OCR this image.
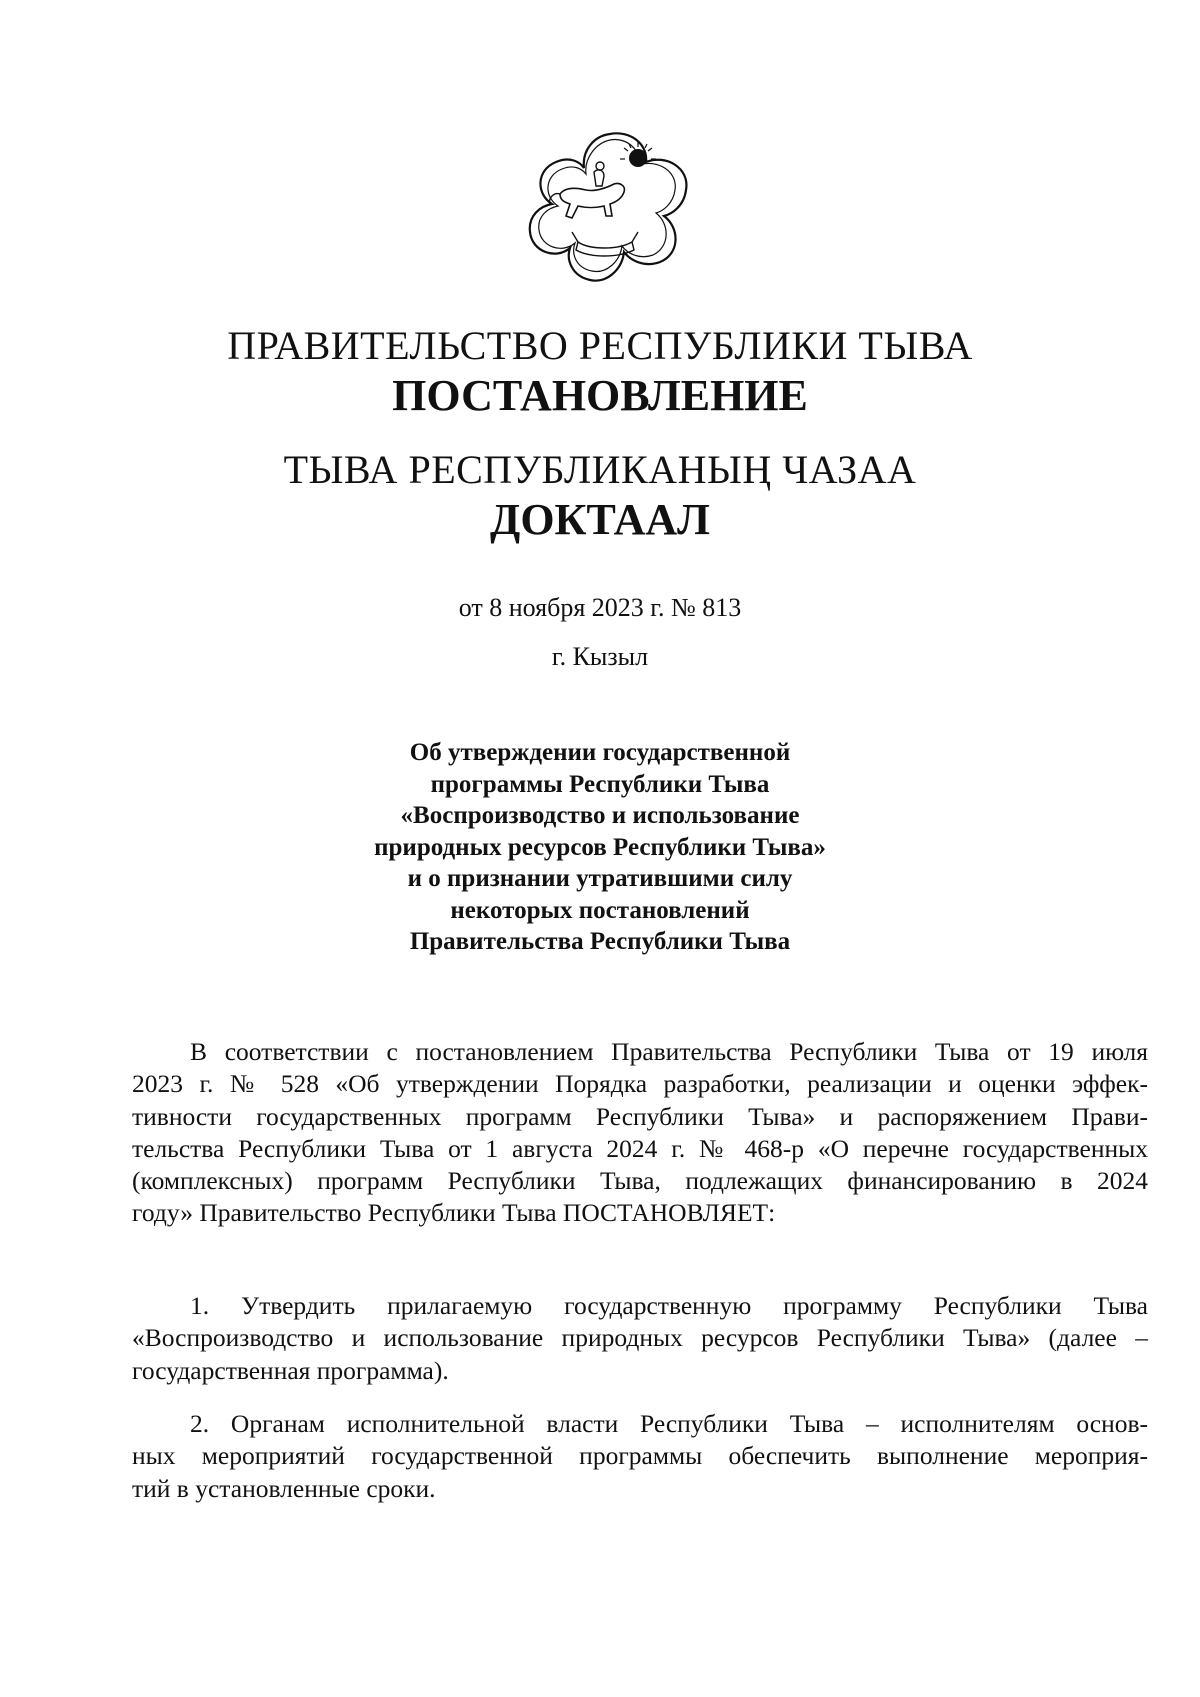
ПРАВИТЕЛЬСТВО РЕСПУБЛИКИ ТЫВА
ПОСТАНОВЛЕНИЕ
ТЫВА РЕСПУБЛИКАНЫҢ ЧАЗАА
ДОКТААЛ
от 8 ноября 2023 г. № 813
г. Кызыл
Об утверждении государственной
программы Республики Тыва
«Воспроизводство и использование
природных ресурсов Республики Тыва»
и о признании утратившими силу
некоторых постановлений
Правительства Республики Тыва
В соответствии с постановлением Правительства Республики Тыва от 19 июля
2023 г. № 528 «Об утверждении Порядка разработки, реализации и оценки эффек-
тивности государственных программ Республики Тыва» и распоряжением Прави-
тельства Республики Тыва от 1 августа 2024 г. № 468-р «О перечне государственных
(комплексных) программ Республики Тыва, подлежащих финансированию в 2024
году» Правительство Республики Тыва ПОСТАНОВЛЯЕТ:
1. Утвердить прилагаемую государственную программу Республики Тыва
«Воспроизводство и использование природных ресурсов Республики Тыва» (далее –
государственная программа).
2. Органам исполнительной власти Республики Тыва – исполнителям основ-
ных мероприятий государственной программы обеспечить выполнение мероприя-
тий в установленные сроки.
